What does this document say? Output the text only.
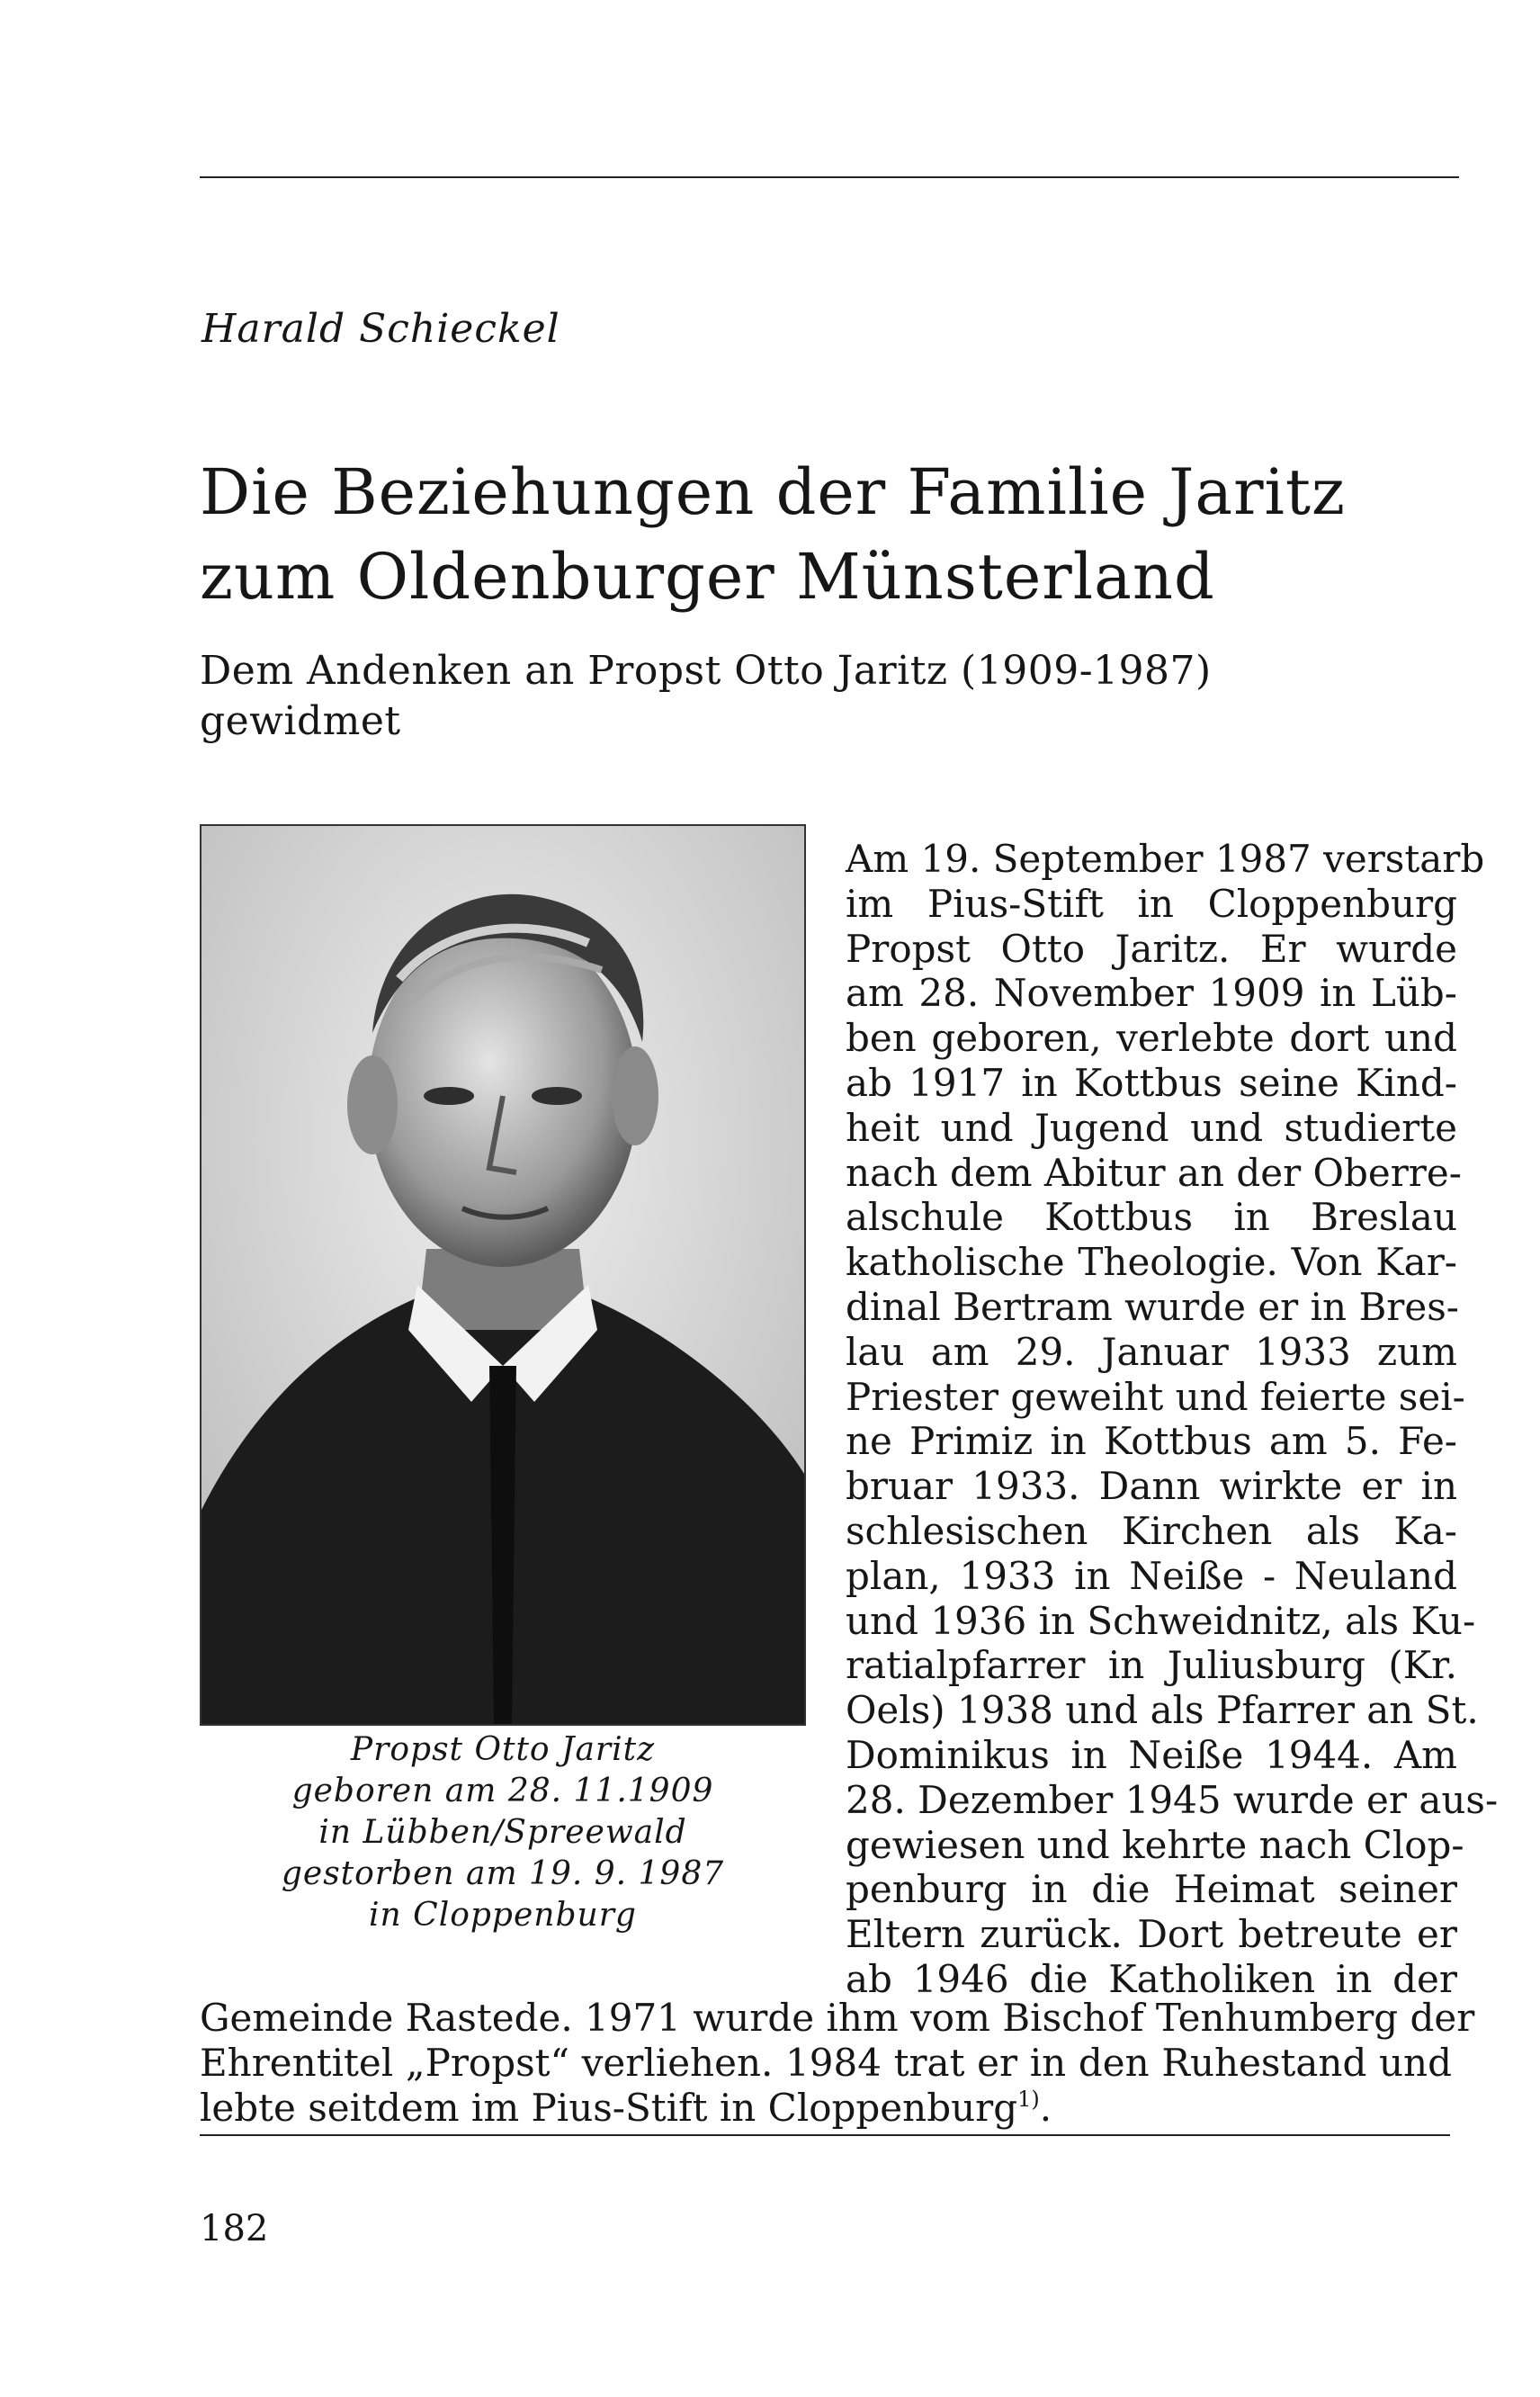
Harald Schieckel
Die Beziehungen der Familie Jaritz
zum Oldenburger Münsterland
Dem Andenken an Propst Otto Jaritz (1909-1987)
gewidmet
Propst Otto Jaritz
geboren am 28. 11.1909
in Lübben/Spreewald
gestorben am 19. 9. 1987
in Cloppenburg
Am 19. September 1987 verstarb
im Pius-Stift in Cloppenburg
Propst Otto Jaritz. Er wurde
am 28. November 1909 in Lüb-
ben geboren, verlebte dort und
ab 1917 in Kottbus seine Kind-
heit und Jugend und studierte
nach dem Abitur an der Oberre-
alschule Kottbus in Breslau
katholische Theologie. Von Kar-
dinal Bertram wurde er in Bres-
lau am 29. Januar 1933 zum
Priester geweiht und feierte sei-
ne Primiz in Kottbus am 5. Fe-
bruar 1933. Dann wirkte er in
schlesischen Kirchen als Ka-
plan, 1933 in Neiße - Neuland
und 1936 in Schweidnitz, als Ku-
ratialpfarrer in Juliusburg (Kr.
Oels) 1938 und als Pfarrer an St.
Dominikus in Neiße 1944. Am
28. Dezember 1945 wurde er aus-
gewiesen und kehrte nach Clop-
penburg in die Heimat seiner
Eltern zurück. Dort betreute er
ab 1946 die Katholiken in der
Gemeinde Rastede. 1971 wurde ihm vom Bischof Tenhumberg der
Ehrentitel „Propst“ verliehen. 1984 trat er in den Ruhestand und
lebte seitdem im Pius-Stift in Cloppenburg$^{1)}$.
182
